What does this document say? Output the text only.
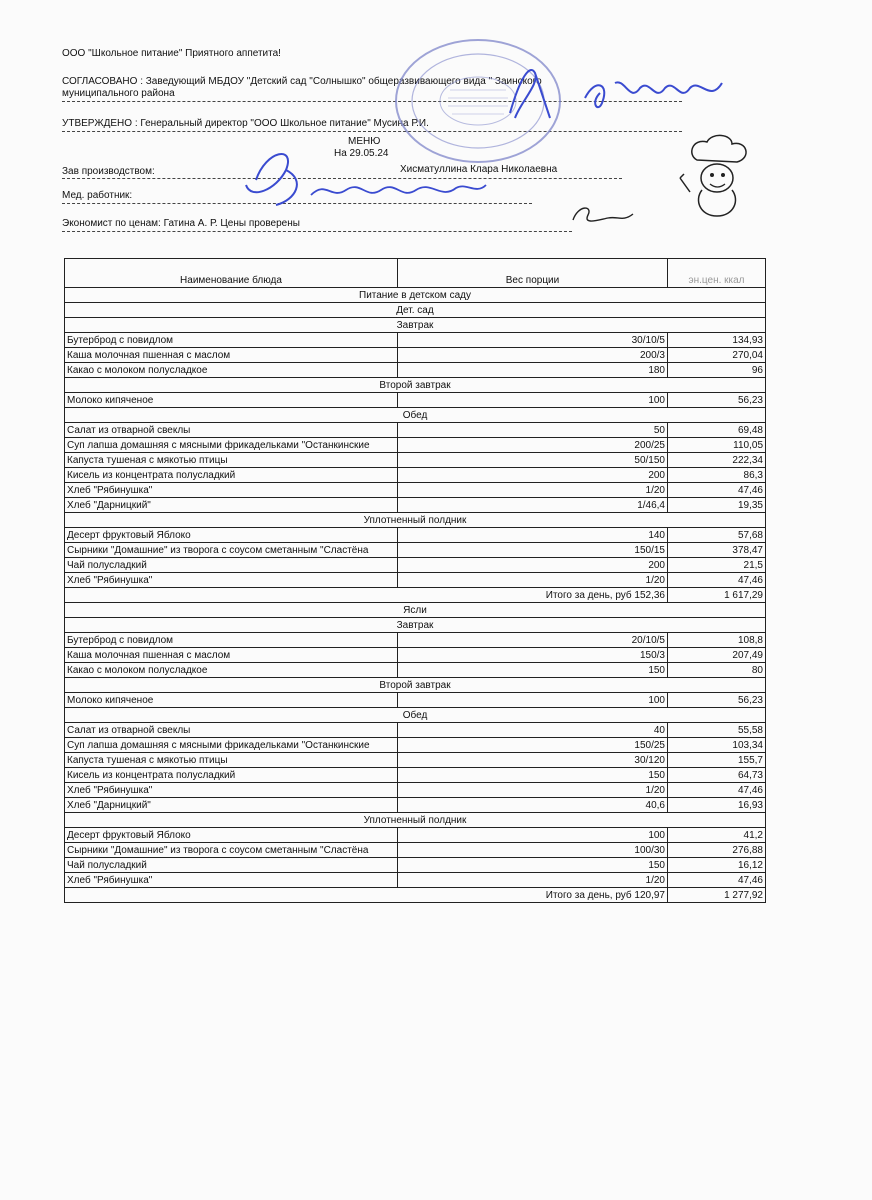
ООО "Школьное питание" Приятного аппетита!
СОГЛАСОВАНО : Заведующий МБДОУ "Детский сад "Солнышко" общеразвивающего вида " Заинского
муниципального района
УТВЕРЖДЕНО : Генеральный директор "ООО Школьное питание" Мусина Р.И.
МЕНЮ
На 29.05.24
Зав производством:	Хисматуллина Клара Николаевна
Мед. работник:
Экономист по ценам: Гатина А. Р. Цены проверены
Наименование блюда	Вес порции	эн.цен. ккал
Питание в детском саду		
Дет. сад		
Завтрак		
Бутерброд с повидлом	30/10/5	134,93
Каша молочная пшенная с маслом	200/3	270,04
Какао с молоком полусладкое	180	96
Второй завтрак		
Молоко кипяченое	100	56,23
Обед		
Салат из отварной свеклы	50	69,48
Суп лапша домашняя с мясными фрикадельками "Останкинские	200/25	110,05
Капуста тушеная с мякотью птицы	50/150	222,34
Кисель из концентрата полусладкий	200	86,3
Хлеб "Рябинушка"	1/20	47,46
Хлеб "Дарницкий"	1/46,4	19,35
Уплотненный полдник		
Десерт фруктовый Яблоко	140	57,68
Сырники "Домашние" из творога с соусом сметанным "Сластёна	150/15	378,47
Чай полусладкий	200	21,5
Хлеб "Рябинушка"	1/20	47,46
	Итого за день, руб 152,36	1 617,29
Ясли		
Завтрак		
Бутерброд с повидлом	20/10/5	108,8
Каша молочная пшенная с маслом	150/3	207,49
Какао с молоком полусладкое	150	80
Второй завтрак		
Молоко кипяченое	100	56,23
Обед		
Салат из отварной свеклы	40	55,58
Суп лапша домашняя с мясными фрикадельками "Останкинские	150/25	103,34
Капуста тушеная с мякотью птицы	30/120	155,7
Кисель из концентрата полусладкий	150	64,73
Хлеб "Рябинушка"	1/20	47,46
Хлеб "Дарницкий"	40,6	16,93
Уплотненный полдник		
Десерт фруктовый Яблоко	100	41,2
Сырники "Домашние" из творога с соусом сметанным "Сластёна	100/30	276,88
Чай полусладкий	150	16,12
Хлеб "Рябинушка"	1/20	47,46
	Итого за день, руб 120,97	1 277,92
